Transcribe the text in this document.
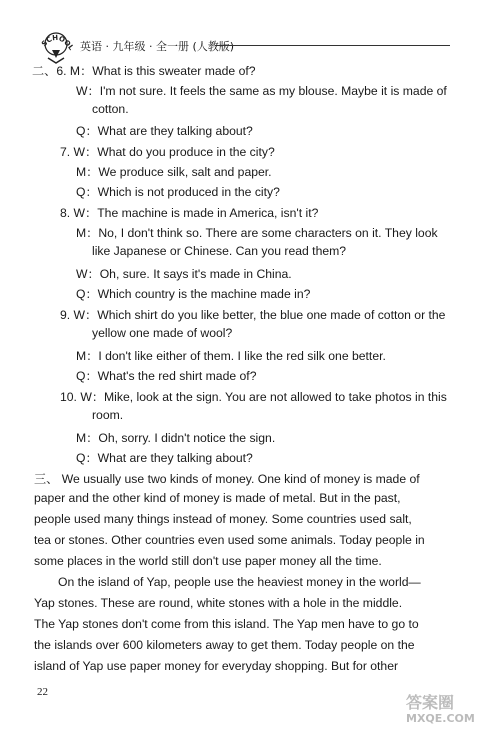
SCHOOL 英语 · 九年级 · 全一册 (人教版)
二、6. M：What is this sweater made of?
W：I'm not sure. It feels the same as my blouse. Maybe it is made of
cotton.
Q：What are they talking about?
7. W：What do you produce in the city?
M：We produce silk, salt and paper.
Q：Which is not produced in the city?
8. W：The machine is made in America, isn't it?
M：No, I don't think so. There are some characters on it. They look
like Japanese or Chinese. Can you read them?
W：Oh, sure. It says it's made in China.
Q：Which country is the machine made in?
9. W：Which shirt do you like better, the blue one made of cotton or the
yellow one made of wool?
M：I don't like either of them. I like the red silk one better.
Q：What's the red shirt made of?
10. W：Mike, look at the sign. You are not allowed to take photos in this
room.
M：Oh, sorry. I didn't notice the sign.
Q：What are they talking about?
三、 We usually use two kinds of money. One kind of money is made of
paper and the other kind of money is made of metal. But in the past,
people used many things instead of money. Some countries used salt,
tea or stones. Other countries even used some animals. Today people in
some places in the world still don't use paper money all the time.
On the island of Yap, people use the heaviest money in the world—
Yap stones. These are round, white stones with a hole in the middle.
The Yap stones don't come from this island. The Yap men have to go to
the islands over 600 kilometers away to get them. Today people on the
island of Yap use paper money for everyday shopping. But for other
22
答案圈
MXQE.COM
